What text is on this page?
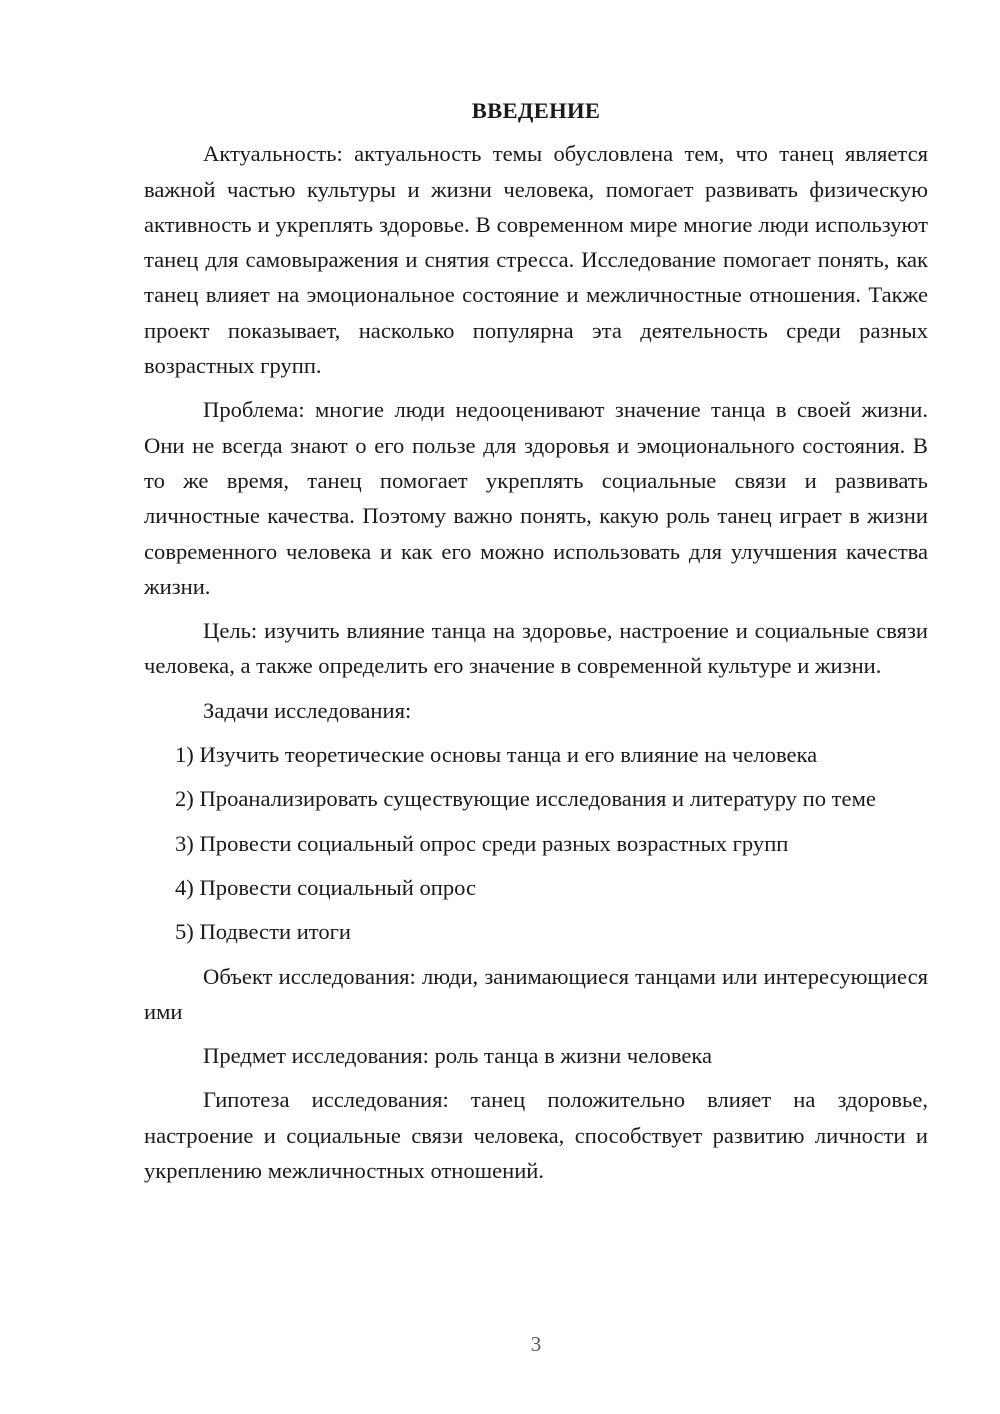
ВВЕДЕНИЕ

Актуальность: актуальность темы обусловлена тем, что танец является важной частью культуры и жизни человека, помогает развивать физическую активность и укреплять здоровье. В современном мире многие люди используют танец для самовыражения и снятия стресса. Исследование помогает понять, как танец влияет на эмоциональное состояние и межличностные отношения. Также проект показывает, насколько популярна эта деятельность среди разных возрастных групп.

Проблема: многие люди недооценивают значение танца в своей жизни. Они не всегда знают о его пользе для здоровья и эмоционального состояния. В то же время, танец помогает укреплять социальные связи и развивать личностные качества. Поэтому важно понять, какую роль танец играет в жизни современного человека и как его можно использовать для улучшения качества жизни.

Цель: изучить влияние танца на здоровье, настроение и социальные связи человека, а также определить его значение в современной культуре и жизни.

Задачи исследования:

1) Изучить теоретические основы танца и его влияние на человека

2) Проанализировать существующие исследования и литературу по теме

3) Провести социальный опрос среди разных возрастных групп

4) Провести социальный опрос

5) Подвести итоги

Объект исследования: люди, занимающиеся танцами или интересующиеся ими

Предмет исследования: роль танца в жизни человека

Гипотеза исследования: танец положительно влияет на здоровье, настроение и социальные связи человека, способствует развитию личности и укреплению межличностных отношений.

3
